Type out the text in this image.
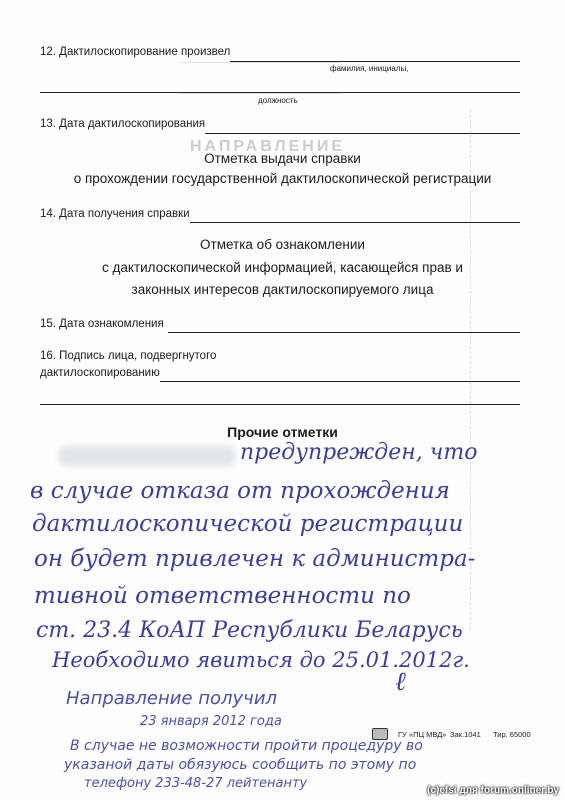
НАПРАВЛЕНИЕ
12. Дактилоскопирование произвел
фамилия, инициалы,
должность
13. Дата дактилоскопирования
Отметка выдачи справки
о прохождении государственной дактилоскопической регистрации
14. Дата получения справки
Отметка об ознакомлении
с дактилоскопической информацией, касающейся прав и
законных интересов дактилоскопируемого лица
15. Дата ознакомления
16. Подпись лица, подвергнутого
дактилоскопированию
Прочие отметки
предупрежден, что
в случае отказа от прохождения
дактилоскопической регистрации
он будет привлечен к администра-
тивной ответственности по
ст. 23.4 КоАП Республики Беларусь
Необходимо явиться до 25.01.2012г.
ℓ
Направление получил
23 января 2012 года
ГУ «ПЦ МВД» Зак.1041 Тир. 65000
В случае не возможности пройти процедуру во
указаной даты обязуюсь сообщить по этому по
телефону 233-48-27 лейтенанту	(c)efsi для forum.onliner.by
